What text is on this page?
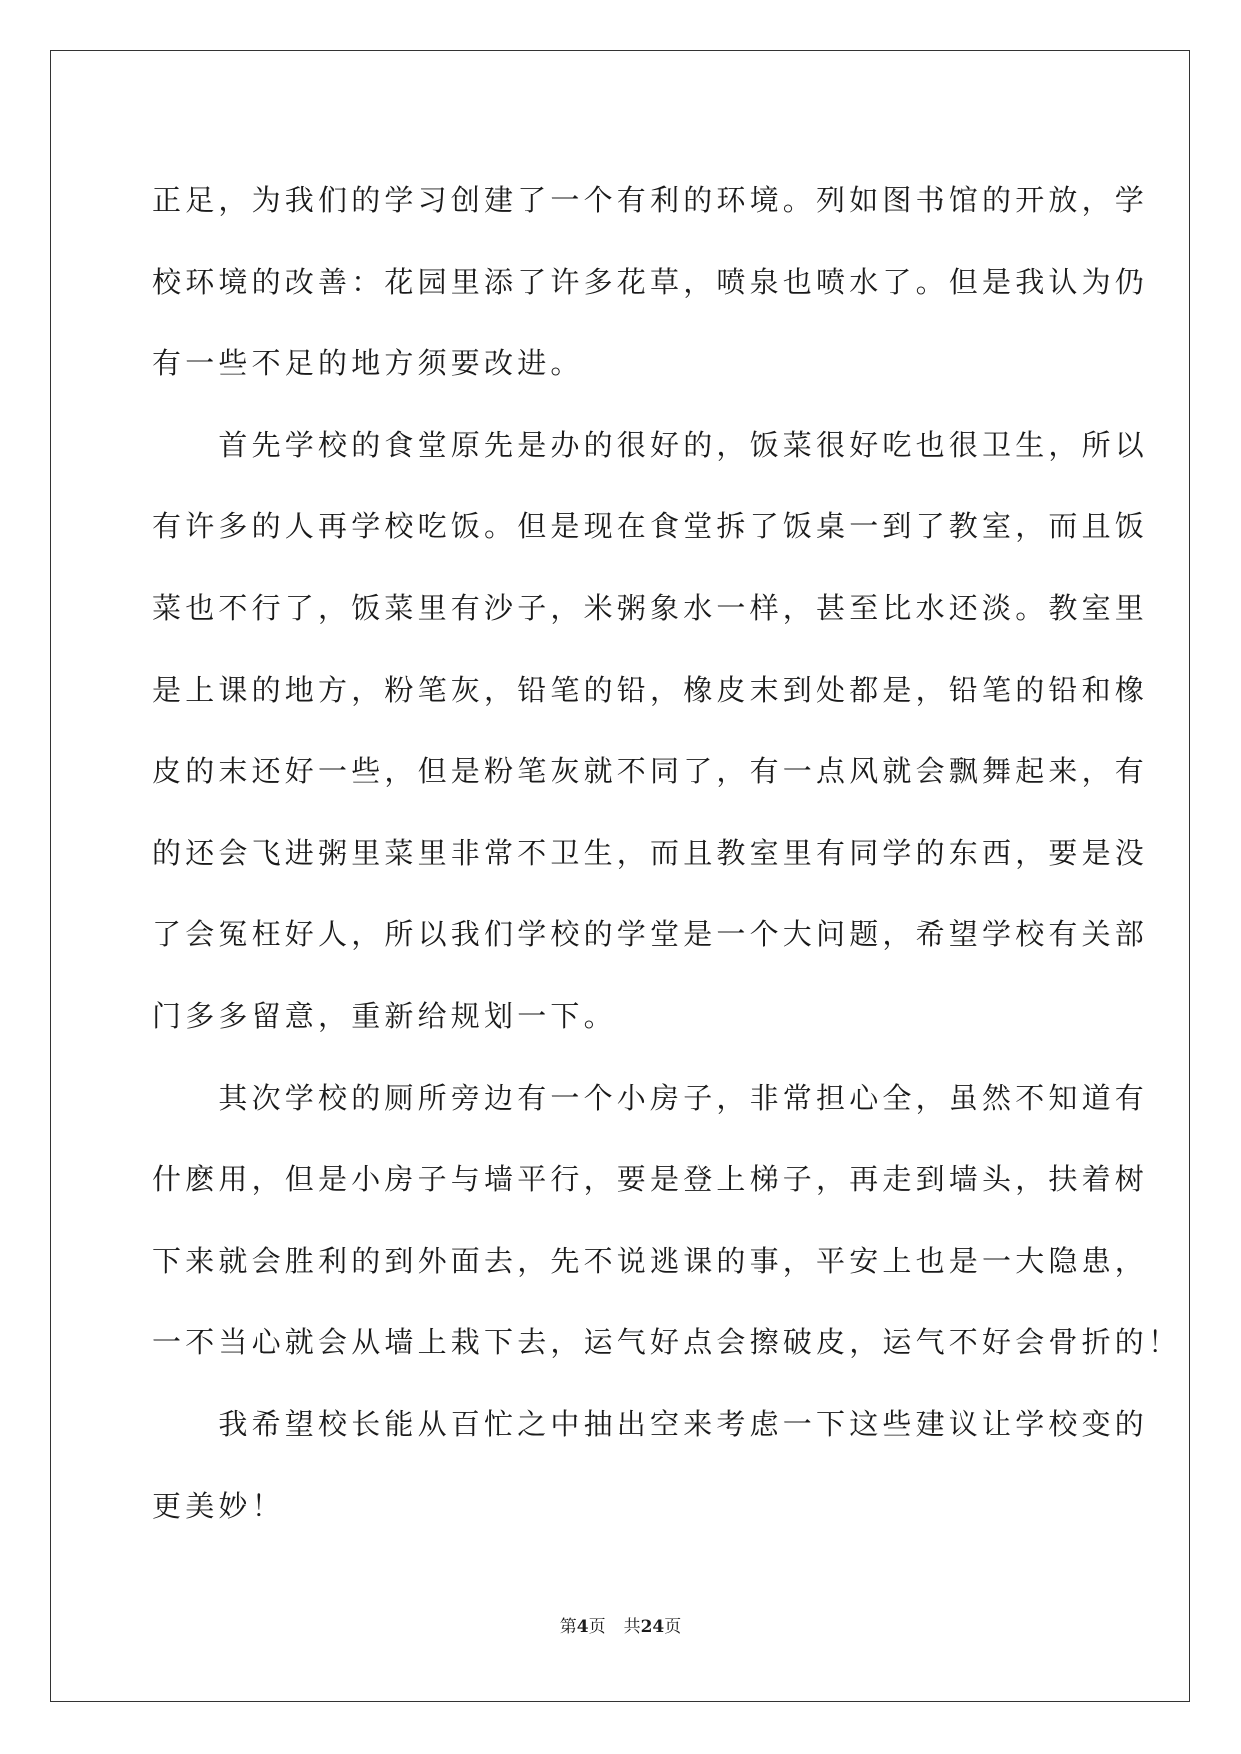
正足，为我们的学习创建了一个有利的环境。列如图书馆的开放，学
校环境的改善：花园里添了许多花草，喷泉也喷水了。但是我认为仍
有一些不足的地方须要改进。
　　首先学校的食堂原先是办的很好的，饭菜很好吃也很卫生，所以
有许多的人再学校吃饭。但是现在食堂拆了饭桌一到了教室，而且饭
菜也不行了，饭菜里有沙子，米粥象水一样，甚至比水还淡。教室里
是上课的地方，粉笔灰，铅笔的铅，橡皮末到处都是，铅笔的铅和橡
皮的末还好一些，但是粉笔灰就不同了，有一点风就会飘舞起来，有
的还会飞进粥里菜里非常不卫生，而且教室里有同学的东西，要是没
了会冤枉好人，所以我们学校的学堂是一个大问题，希望学校有关部
门多多留意，重新给规划一下。
　　其次学校的厕所旁边有一个小房子，非常担心全，虽然不知道有
什麽用，但是小房子与墙平行，要是登上梯子，再走到墙头，扶着树
下来就会胜利的到外面去，先不说逃课的事，平安上也是一大隐患，
一不当心就会从墙上栽下去，运气好点会擦破皮，运气不好会骨折的！
　　我希望校长能从百忙之中抽出空来考虑一下这些建议让学校变的
更美妙！
第4页 共24页
